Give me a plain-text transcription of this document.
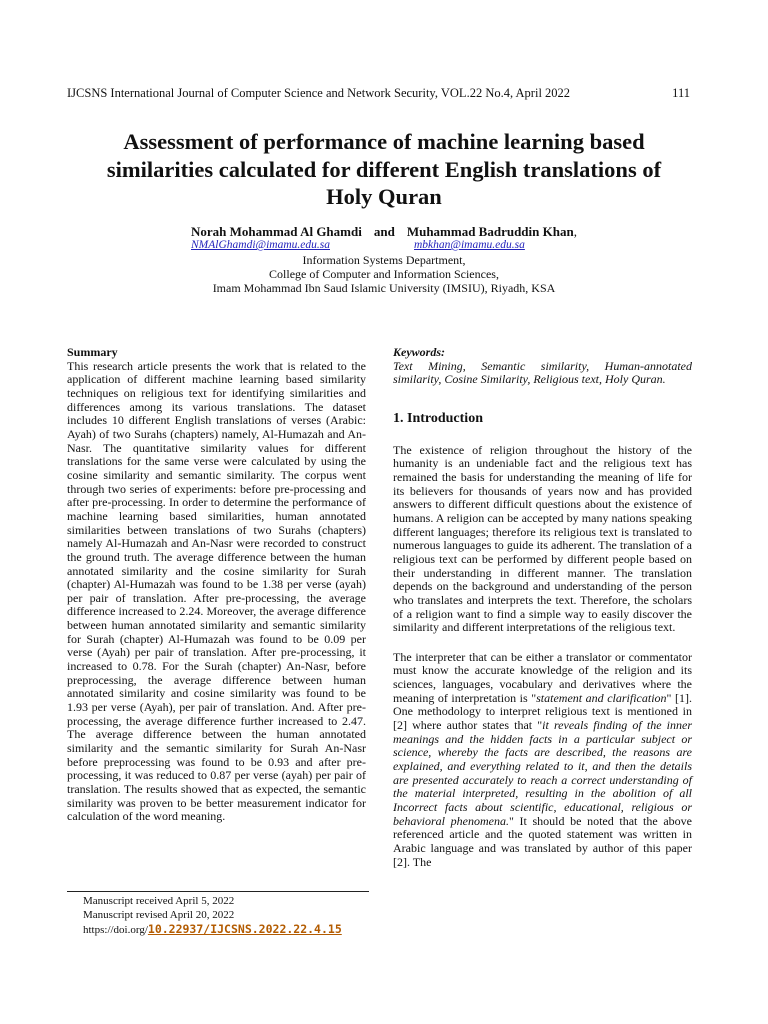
IJCSNS International Journal of Computer Science and Network Security, VOL.22 No.4, April 2022	111
Assessment of performance of machine learning based
similarities calculated for different English translations of
Holy Quran
Norah Mohammad Al Ghamdi and Muhammad Badruddin Khan,
NMAlGhamdi@imamu.edu.sa	mbkhan@imamu.edu.sa
Information Systems Department,
College of Computer and Information Sciences,
Imam Mohammad Ibn Saud Islamic University (IMSIU), Riyadh, KSA
Summary

This research article presents the work that is related to the application of different machine learning based similarity techniques on religious text for identifying similarities and differences among its various translations. The dataset includes 10 different English translations of verses (Arabic: Ayah) of two Surahs (chapters) namely, Al-Humazah and An-Nasr. The quantitative similarity values for different translations for the same verse were calculated by using the cosine similarity and semantic similarity. The corpus went through two series of experiments: before pre-processing and after pre-processing. In order to determine the performance of machine learning based similarities, human annotated similarities between translations of two Surahs (chapters) namely Al-Humazah and An-Nasr were recorded to construct the ground truth. The average difference between the human annotated similarity and the cosine similarity for Surah (chapter) Al-Humazah was found to be 1.38 per verse (ayah) per pair of translation. After pre-processing, the average difference increased to 2.24. Moreover, the average difference between human annotated similarity and semantic similarity for Surah (chapter) Al-Humazah was found to be 0.09 per verse (Ayah) per pair of translation. After pre-processing, it increased to 0.78. For the Surah (chapter) An-Nasr, before preprocessing, the average difference between human annotated similarity and cosine similarity was found to be 1.93 per verse (Ayah), per pair of translation. And. After pre-processing, the average difference further increased to 2.47. The average difference between the human annotated similarity and the semantic similarity for Surah An-Nasr before preprocessing was found to be 0.93 and after pre-processing, it was reduced to 0.87 per verse (ayah) per pair of translation. The results showed that as expected, the semantic similarity was proven to be better measurement indicator for calculation of the word meaning.

Keywords:

Text Mining, Semantic similarity, Human-annotated similarity, Cosine Similarity, Religious text, Holy Quran.

1. Introduction

The existence of religion throughout the history of the humanity is an undeniable fact and the religious text has remained the basis for understanding the meaning of life for its believers for thousands of years now and has provided answers to different difficult questions about the existence of humans. A religion can be accepted by many nations speaking different languages; therefore its religious text is translated to numerous languages to guide its adherent. The translation of a religious text can be performed by different people based on their understanding in different manner. The translation depends on the background and understanding of the person who translates and interprets the text. Therefore, the scholars of a religion want to find a simple way to easily discover the similarity and different interpretations of the religious text.

The interpreter that can be either a translator or commentator must know the accurate knowledge of the religion and its sciences, languages, vocabulary and derivatives where the meaning of interpretation is "statement and clarification" [1]. One methodology to interpret religious text is mentioned in [2] where author states that "it reveals finding of the inner meanings and the hidden facts in a particular subject or science, whereby the facts are described, the reasons are explained, and everything related to it, and then the details are presented accurately to reach a correct understanding of the material interpreted, resulting in the abolition of all Incorrect facts about scientific, educational, religious or behavioral phenomena." It should be noted that the above referenced article and the quoted statement was written in Arabic language and was translated by author of this paper [2]. The

Manuscript received April 5, 2022
Manuscript revised April 20, 2022
https://doi.org/10.22937/IJCSNS.2022.22.4.15
